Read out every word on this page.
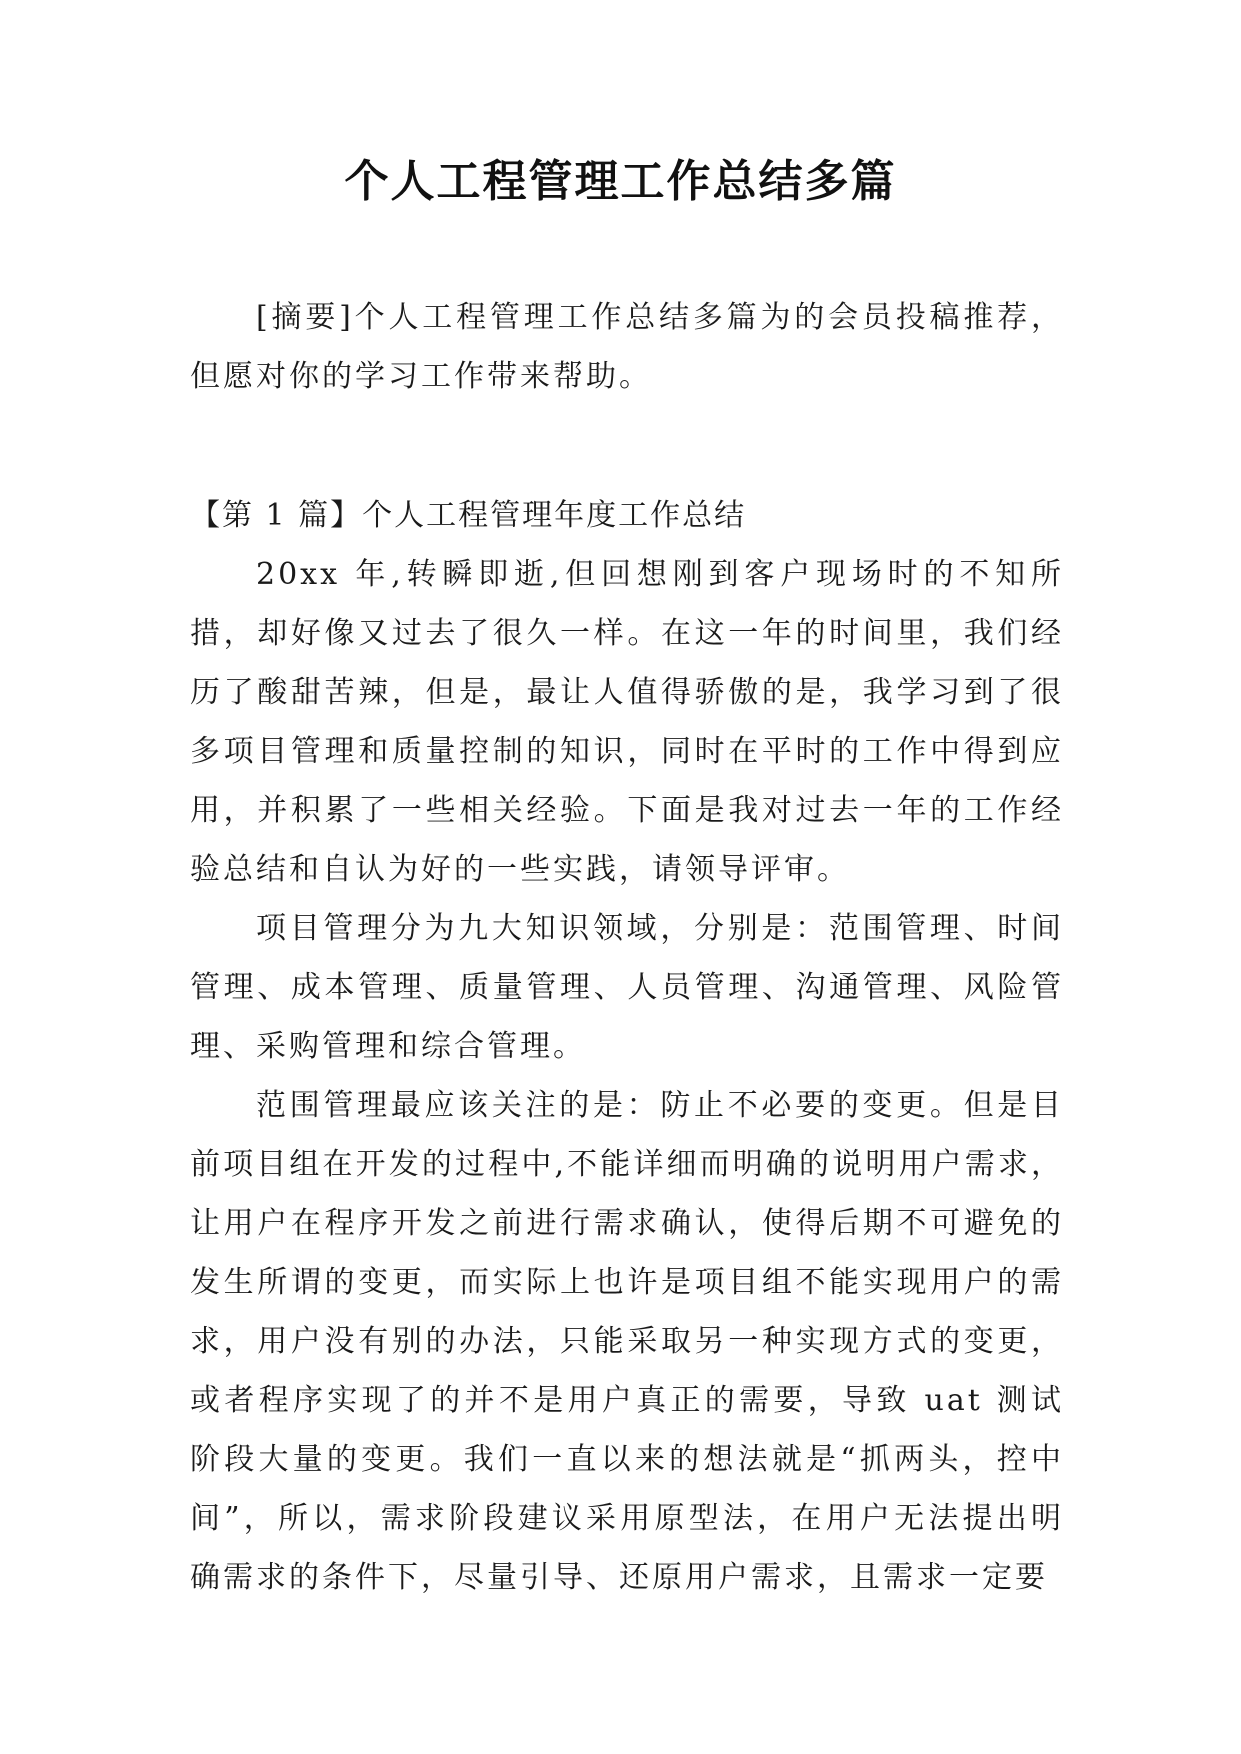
个人工程管理工作总结多篇

[摘要]个人工程管理工作总结多篇为的会员投稿推荐，但愿对你的学习工作带来帮助。

【第 1 篇】个人工程管理年度工作总结

20xx 年,转瞬即逝,但回想刚到客户现场时的不知所措，却好像又过去了很久一样。在这一年的时间里，我们经历了酸甜苦辣，但是，最让人值得骄傲的是，我学习到了很多项目管理和质量控制的知识，同时在平时的工作中得到应用，并积累了一些相关经验。下面是我对过去一年的工作经验总结和自认为好的一些实践，请领导评审。

项目管理分为九大知识领域，分别是：范围管理、时间管理、成本管理、质量管理、人员管理、沟通管理、风险管理、采购管理和综合管理。

范围管理最应该关注的是：防止不必要的变更。但是目前项目组在开发的过程中,不能详细而明确的说明用户需求，让用户在程序开发之前进行需求确认，使得后期不可避免的发生所谓的变更，而实际上也许是项目组不能实现用户的需求，用户没有别的办法，只能采取另一种实现方式的变更，或者程序实现了的并不是用户真正的需要，导致 uat 测试阶段大量的变更。我们一直以来的想法就是“抓两头，控中间”，所以，需求阶段建议采用原型法，在用户无法提出明确需求的条件下，尽量引导、还原用户需求，且需求一定要
